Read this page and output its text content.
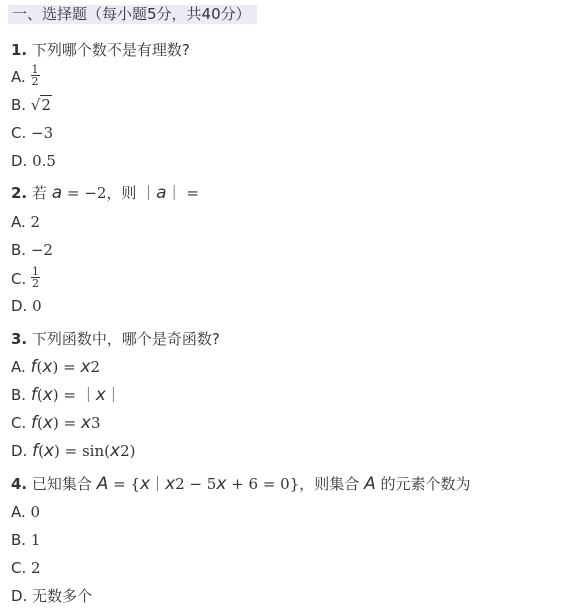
一、选择题（每小题5分，共40分）
1. 下列哪个数不是有理数?
A. $\frac{1}{2}$
B. √2
C. −3
D. 0.5
2. 若 a = −2，则 ｜a｜ =
A. 2
B. −2
C. $\frac{1}{2}$
D. 0
3. 下列函数中，哪个是奇函数?
A. f(x) = x2
B. f(x) = ｜x｜
C. f(x) = x3
D. f(x) = sin(x2)
4. 已知集合 A = {x｜x2 − 5x + 6 = 0}，则集合 A 的元素个数为
A. 0
B. 1
C. 2
D. 无数多个
